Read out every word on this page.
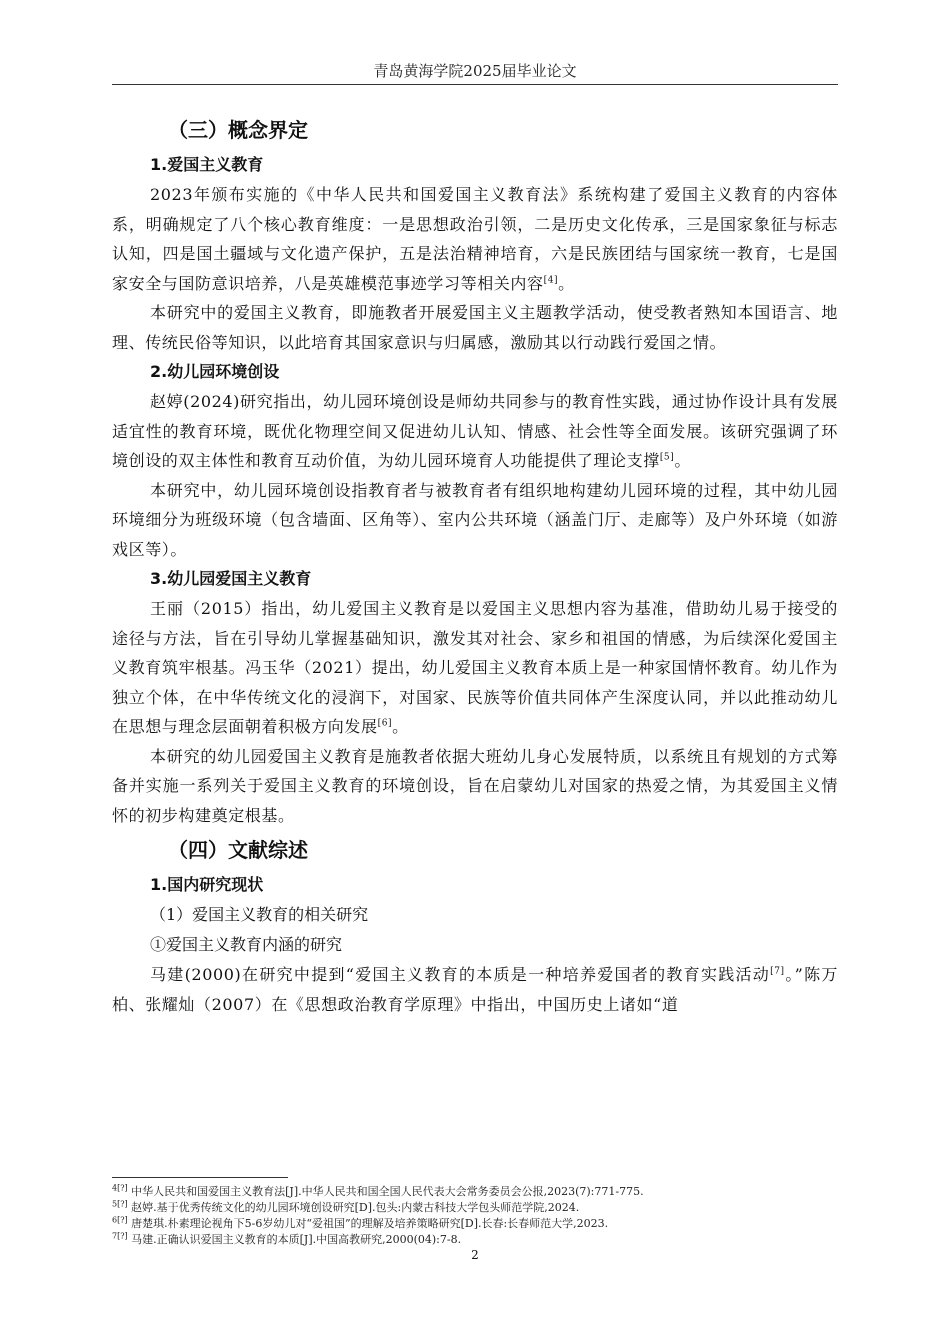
青岛黄海学院2025届毕业论文
（三）概念界定
1.爱国主义教育

2023年颁布实施的《中华人民共和国爱国主义教育法》系统构建了爱国主义教育的内容体系，明确规定了八个核心教育维度：一是思想政治引领，二是历史文化传承，三是国家象征与标志认知，四是国土疆域与文化遗产保护，五是法治精神培育，六是民族团结与国家统一教育，七是国家安全与国防意识培养，八是英雄模范事迹学习等相关内容[4]。

本研究中的爱国主义教育，即施教者开展爱国主义主题教学活动，使受教者熟知本国语言、地理、传统民俗等知识，以此培育其国家意识与归属感，激励其以行动践行爱国之情。

2.幼儿园环境创设

赵婷(2024)研究指出，幼儿园环境创设是师幼共同参与的教育性实践，通过协作设计具有发展适宜性的教育环境，既优化物理空间又促进幼儿认知、情感、社会性等全面发展。该研究强调了环境创设的双主体性和教育互动价值，为幼儿园环境育人功能提供了理论支撑[5]。

本研究中，幼儿园环境创设指教育者与被教育者有组织地构建幼儿园环境的过程，其中幼儿园环境细分为班级环境（包含墙面、区角等）、室内公共环境（涵盖门厅、走廊等）及户外环境（如游戏区等）。

3.幼儿园爱国主义教育

王丽（2015）指出，幼儿爱国主义教育是以爱国主义思想内容为基准，借助幼儿易于接受的途径与方法，旨在引导幼儿掌握基础知识，激发其对社会、家乡和祖国的情感，为后续深化爱国主义教育筑牢根基。冯玉华（2021）提出，幼儿爱国主义教育本质上是一种家国情怀教育。幼儿作为独立个体，在中华传统文化的浸润下，对国家、民族等价值共同体产生深度认同，并以此推动幼儿在思想与理念层面朝着积极方向发展[6]。

本研究的幼儿园爱国主义教育是施教者依据大班幼儿身心发展特质，以系统且有规划的方式筹备并实施一系列关于爱国主义教育的环境创设，旨在启蒙幼儿对国家的热爱之情，为其爱国主义情怀的初步构建奠定根基。

（四）文献综述
1.国内研究现状
（1）爱国主义教育的相关研究
①爱国主义教育内涵的研究

马建(2000)在研究中提到“爱国主义教育的本质是一种培养爱国者的教育实践活动[7]。”陈万柏、张耀灿（2007）在《思想政治教育学原理》中指出，中国历史上诸如“道

$^{4[?]}$ 中华人民共和国爱国主义教育法[J].中华人民共和国全国人民代表大会常务委员会公报,2023(7):771-775.
$^{5[?]}$ 赵婷.基于优秀传统文化的幼儿园环境创设研究[D].包头:内蒙古科技大学包头师范学院,2024.
$^{6[?]}$ 唐楚琪.朴素理论视角下5-6岁幼儿对“爱祖国”的理解及培养策略研究[D].长春:长春师范大学,2023.
$^{7[?]}$ 马建.正确认识爱国主义教育的本质[J].中国高教研究,2000(04):7-8.
2
